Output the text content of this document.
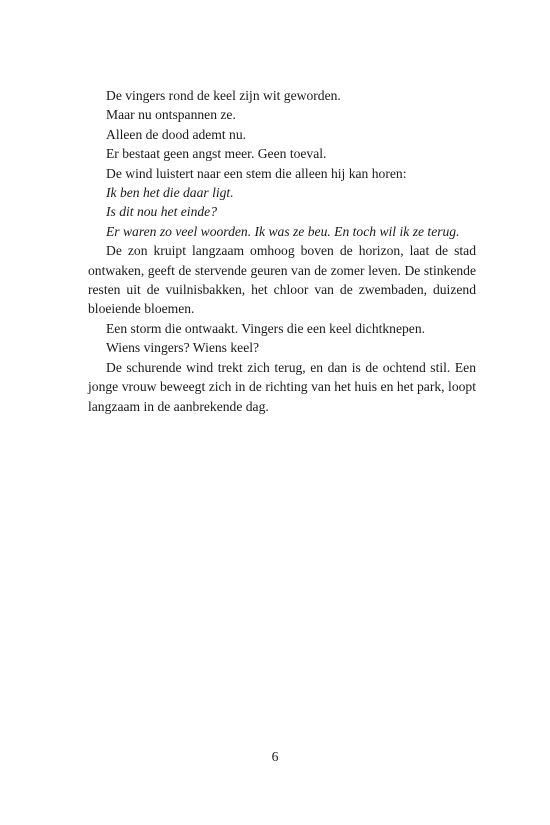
De vingers rond de keel zijn wit geworden.

Maar nu ontspannen ze.

Alleen de dood ademt nu.

Er bestaat geen angst meer. Geen toeval.

De wind luistert naar een stem die alleen hij kan horen:

Ik ben het die daar ligt.

Is dit nou het einde?

Er waren zo veel woorden. Ik was ze beu. En toch wil ik ze terug.

De zon kruipt langzaam omhoog boven de horizon, laat de stad ontwaken, geeft de stervende geuren van de zomer leven. De stinkende resten uit de vuilnisbakken, het chloor van de zwembaden, duizend bloeiende bloemen.

Een storm die ontwaakt. Vingers die een keel dichtknepen.

Wiens vingers? Wiens keel?

De schurende wind trekt zich terug, en dan is de ochtend stil. Een jonge vrouw beweegt zich in de richting van het huis en het park, loopt langzaam in de aanbrekende dag.

6
